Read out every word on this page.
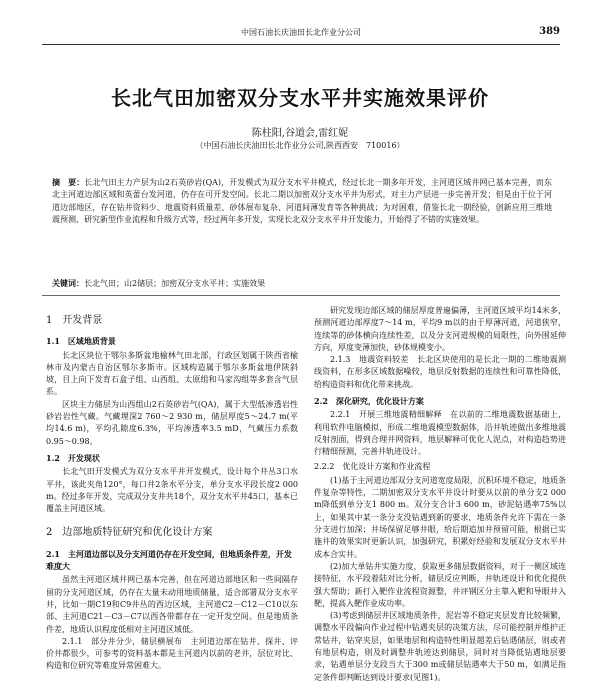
中国石油长庆油田长北作业分公司	389
长北气田加密双分支水平井实施效果评价
陈柱阳,谷道会,雷红妮
（中国石油长庆油田长北作业分公司,陕西西安　710016）
摘　要：长北气田主力产层为山2石英砂岩(QA)，开发模式为双分支水平井模式，经过长北一期多年开发，主河道区域井网已基本完善，而东北主河道边部区域和英蕾台发河道，仍存在可开发空间。长北二期以加密双分支水平井为形式，对主力产层进一步完善开发；但是由于位于河道边部地区，存在钻井资料少、地震资料质量差、砂体展布复杂、河道间薄发育等各种挑战；为对困难，借鉴长北一期经验，创新应用三维地震预测、研究新型作业流程和升级方式等，经过两年多开发，实现长北双分支水平井开发能力，开始得了不错的实施效果。
关键词：长北气田；山2储层；加密双分支水平井；实施效果
1　开发背景
1.1　区域地质背景

长北区块位于鄂尔多斯盆地榆林气田北部，行政区划属于陕西省榆林市及内蒙古自治区鄂尔多斯市。区域构造属于鄂尔多斯盆地伊陕斜坡，目上向下发育石盒子组、山西组、太原组和马家沟组等多套含气层系。

区块主力储层为山西组山2石英砂岩气(QA)，属于大型低渗透岩性砂岩岩性气藏。气藏埋深2 760～2 930 m，储层厚度5～24.7 m(平均14.6 m)，平均孔隙度6.3%，平均渗透率3.5 mD，气藏压力系数0.95～0.98。

1.2　开发现状

长北气田开发模式为双分支水平井开发模式，设计每个井丛3口水平井，该此夹角120°，每口井2条水平分支，单分支水平段长度2 000 m。经过多年开发，完成双分支井共18个，双分支水平井45口，基本已覆盖主河道区域。

2　边部地质特征研究和优化设计方案
2.1　主河道边部以及分支河道仍存在开发空间，但地质条件差，开发难度大

虽然主河道区域井网已基本完善，但在河道边部地区和一些间隔存留的分支河道区域，仍存在大量未动用地质储量，适合部署双分支水平井，比如一期C19和C9井丛的西边区域，主河道C2－C12－C10以东部、主河道C21－C3－C7以西各带都存在一定开发空间。但是地质条件差，地质认识程度低相对主河道区域低。

2.1.1　部分井分少，储层横展布　主河道边部在钻井、探井、评价井都很少，可参考的资料基本都是主河道内以前的老井，层位对比、构造和位研究等难度异常困难大。

研究发现边部区域的储层厚度普遍偏薄，主河道区域平均14米多，预测河道边部厚度7～14 m，平均9 m以的由于厚薄河道，河道狭窄，连续等的砂体横向连续性差，以及分支河道规模的局限性，向外围延伸方向，厚度变薄加快，砂体规模变小。

2.1.3　地震资料较差　长北区块使用的是长北一期的二维地震测线资料，在形多区域数据噪较，地层反射数据的连续性和可靠性降低，给构造资料和优化带来挑战。

2.2　深化研究，优化设计方案

2.2.1　开展三维地震精细解释　在以前的二维地震数据基础上，利用软件电脑模拟，形成二维地震模型数据体，沿井轨迹做出多维地震反射剖面，得到合理井网资料，地层解释可优化人泥点，对构造趋势进行精细预测，完善井轨迹设计。

2.2.2　优化设计方案和作业流程

(1)基于主河道边部双分支河道宽度局限，沉积环境不稳定，地质条件复杂等特性，二期加密双分支水平井设计时要从以前的单分支2 000 m降低到单分支1 800 m。双分支合计3 600 m，砂泥钻遇率75%以上，如果其中某一条分支没钻遇到新的要求，地质条件允许下需在一条分支进行加深；井场保留足够井眼，给后期追加井预留可能，根据已实施井的效果实时更新认识，加强研究，积累好经验和发展双分支水平井成本合实井。

(2)加大单钻井实施力度，获取更多储层数据资料，对于一侧区域连接特征，水平段着陆对比分析，储层反应判断，井轨迹设计和优化提供强大帮助；新打入靶作业流程资源整，井评钢区分主靠入靶和导眼井入靶，提高入靶作业成功率。

(3)考虑到储层井区域地质条件，泥岩等不稳定夹层发育比较频繁，调整水平段偏向作业过程中钻遇夹层的决策方法，尽可能控制并维护正常钻井，钻穿夹层，如果地层和构造特性明显超差后钻遇储层，则或者有地层构造，则及时调整井轨迹达到储层，同时对当降低钻遇地层要求，钻遇单层分支段当大于300 m或储层钻遇率大于50 m，如满足指定条件即判断达到设计要求(见图1)。
